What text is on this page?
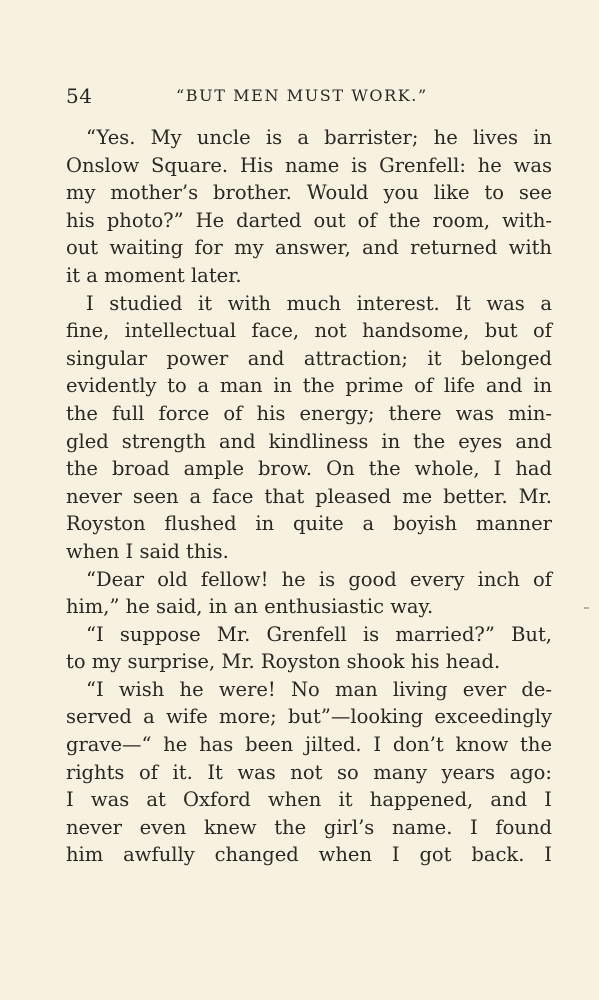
54	“BUT MEN MUST WORK.”
“Yes. My uncle is a barrister; he lives in
Onslow Square. His name is Grenfell: he was
my mother’s brother. Would you like to see
his photo?” He darted out of the room, with-
out waiting for my answer, and returned with
it a moment later.
I studied it with much interest. It was a
fine, intellectual face, not handsome, but of
singular power and attraction; it belonged
evidently to a man in the prime of life and in
the full force of his energy; there was min-
gled strength and kindliness in the eyes and
the broad ample brow. On the whole, I had
never seen a face that pleased me better. Mr.
Royston flushed in quite a boyish manner
when I said this.
“Dear old fellow! he is good every inch of
him,” he said, in an enthusiastic way.
“I suppose Mr. Grenfell is married?” But,
to my surprise, Mr. Royston shook his head.
“I wish he were! No man living ever de-
served a wife more; but”—looking exceedingly
grave—“ he has been jilted. I don’t know the
rights of it. It was not so many years ago:
I was at Oxford when it happened, and I
never even knew the girl’s name. I found
him awfully changed when I got back. I
